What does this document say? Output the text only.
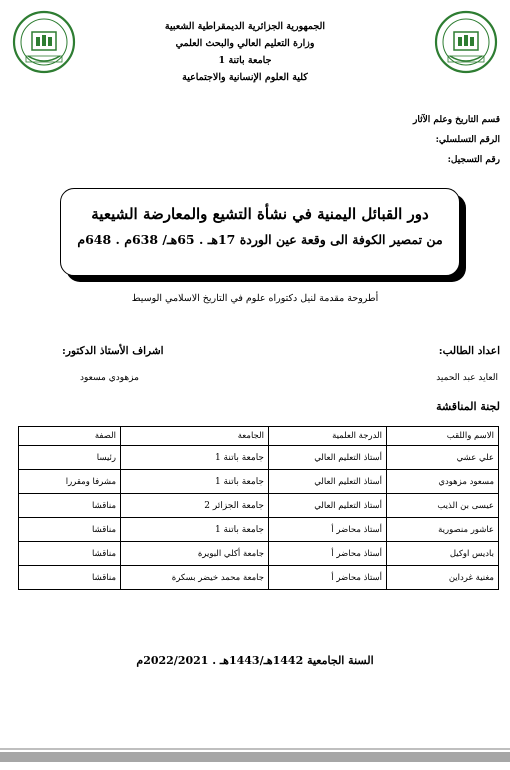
الجمهورية الجزائرية الديمقراطية الشعبية
وزارة التعليم العالي والبحث العلمي
جامعة باتنة 1
كلية العلوم الإنسانية والاجتماعية
قسم التاريخ وعلم الآثار
الرقم التسلسلي:
رقم التسجيل:
دور القبائل اليمنية في نشأة التشيع والمعارضة الشيعية
من تمصير الكوفة الى وقعة عين الوردة 17هـ . 65هـ/ 638م . 648م
أطروحة مقدمة لنيل دكتوراه علوم في التاريخ الاسلامي الوسيط
اعداد الطالب:
العايد عبد الحميد
اشراف الأستاذ الدكتور:
مزهودي مسعود
لجنة المناقشة
الاسم واللقب	الدرجة العلمية	الجامعة	الصفة
علي عشي	أستاذ التعليم العالي	جامعة باتنة 1	رئيسا
مسعود مزهودي	أستاذ التعليم العالي	جامعة باتنة 1	مشرفا ومقررا
عيسى بن الذيب	أستاذ التعليم العالي	جامعة الجزائر 2	مناقشا
عاشور منصورية	أستاذ محاضر أ	جامعة باتنة 1	مناقشا
باديس اوكيل	أستاذ محاضر أ	جامعة أكلي البويرة	مناقشا
مغنية غرداين	أستاذ محاضر أ	جامعة محمد خيضر بسكرة	مناقشا
السنة الجامعية 1442هـ/1443هـ . 2022/2021م
